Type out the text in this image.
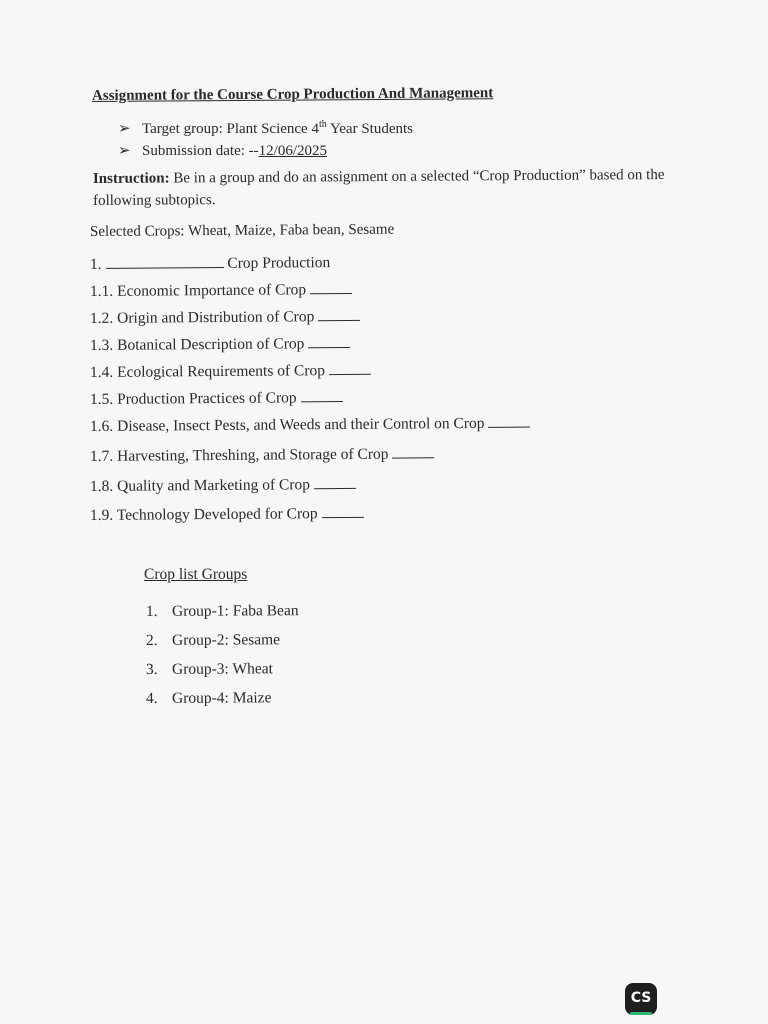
Assignment for the Course Crop Production And Management
➢ Target group: Plant Science 4th Year Students
➢ Submission date: --12/06/2025
Instruction: Be in a group and do an assignment on a selected “Crop Production” based on the following subtopics.
Selected Crops: Wheat, Maize, Faba bean, Sesame
1.	Crop Production
1.1. Economic Importance of Crop
1.2. Origin and Distribution of Crop
1.3. Botanical Description of Crop
1.4. Ecological Requirements of Crop
1.5. Production Practices of Crop
1.6. Disease, Insect Pests, and Weeds and their Control on Crop
1.7. Harvesting, Threshing, and Storage of Crop
1.8. Quality and Marketing of Crop
1.9. Technology Developed for Crop
Crop list Groups
1. Group-1: Faba Bean
2. Group-2: Sesame
3. Group-3: Wheat
4. Group-4: Maize
CS
